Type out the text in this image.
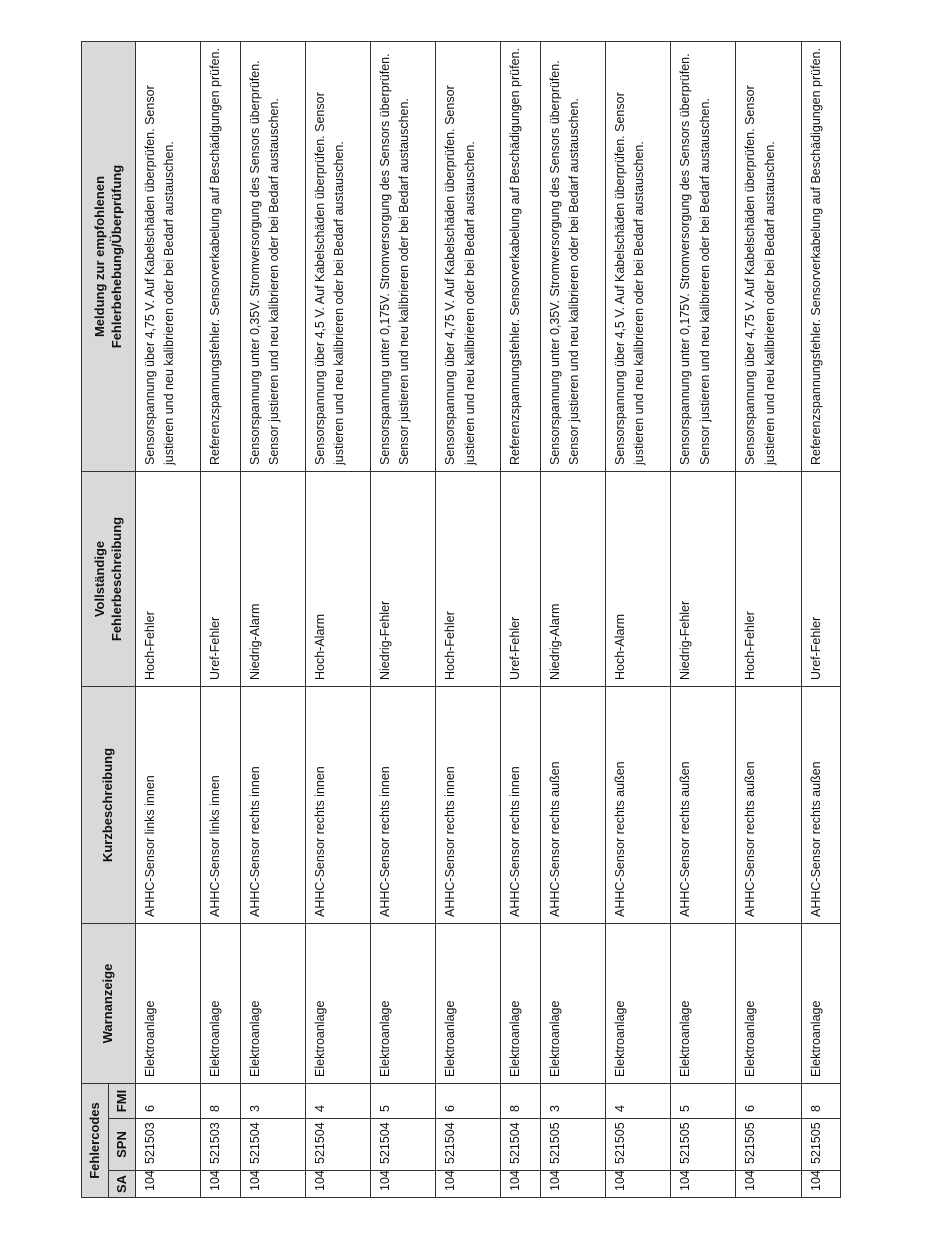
Fehlercodes			Warnanzeige	Kurzbeschreibung	Vollständige
Fehlerbeschreibung	Meldung zur empfohlenen
Fehlerbehebung/Überprüfung
SA	SPN	FMI				
104	521503	6	Elektroanlage	AHHC-Sensor links innen	Hoch-Fehler	Sensorspannung über 4,75 V. Auf Kabelschäden überprüfen. Sensor justieren und neu kalibrieren oder bei Bedarf austauschen.
104	521503	8	Elektroanlage	AHHC-Sensor links innen	Uref-Fehler	Referenzspannungsfehler. Sensorverkabelung auf Beschädigungen prüfen.
104	521504	3	Elektroanlage	AHHC-Sensor rechts innen	Niedrig-Alarm	Sensorspannung unter 0,35V. Stromversorgung des Sensors überprüfen. Sensor justieren und neu kalibrieren oder bei Bedarf austauschen.
104	521504	4	Elektroanlage	AHHC-Sensor rechts innen	Hoch-Alarm	Sensorspannung über 4,5 V. Auf Kabelschäden überprüfen. Sensor justieren und neu kalibrieren oder bei Bedarf austauschen.
104	521504	5	Elektroanlage	AHHC-Sensor rechts innen	Niedrig-Fehler	Sensorspannung unter 0,175V. Stromversorgung des Sensors überprüfen. Sensor justieren und neu kalibrieren oder bei Bedarf austauschen.
104	521504	6	Elektroanlage	AHHC-Sensor rechts innen	Hoch-Fehler	Sensorspannung über 4,75 V. Auf Kabelschäden überprüfen. Sensor justieren und neu kalibrieren oder bei Bedarf austauschen.
104	521504	8	Elektroanlage	AHHC-Sensor rechts innen	Uref-Fehler	Referenzspannungsfehler. Sensorverkabelung auf Beschädigungen prüfen.
104	521505	3	Elektroanlage	AHHC-Sensor rechts außen	Niedrig-Alarm	Sensorspannung unter 0,35V. Stromversorgung des Sensors überprüfen. Sensor justieren und neu kalibrieren oder bei Bedarf austauschen.
104	521505	4	Elektroanlage	AHHC-Sensor rechts außen	Hoch-Alarm	Sensorspannung über 4,5 V. Auf Kabelschäden überprüfen. Sensor justieren und neu kalibrieren oder bei Bedarf austauschen.
104	521505	5	Elektroanlage	AHHC-Sensor rechts außen	Niedrig-Fehler	Sensorspannung unter 0,175V. Stromversorgung des Sensors überprüfen. Sensor justieren und neu kalibrieren oder bei Bedarf austauschen.
104	521505	6	Elektroanlage	AHHC-Sensor rechts außen	Hoch-Fehler	Sensorspannung über 4,75 V. Auf Kabelschäden überprüfen. Sensor justieren und neu kalibrieren oder bei Bedarf austauschen.
104	521505	8	Elektroanlage	AHHC-Sensor rechts außen	Uref-Fehler	Referenzspannungsfehler. Sensorverkabelung auf Beschädigungen prüfen.
